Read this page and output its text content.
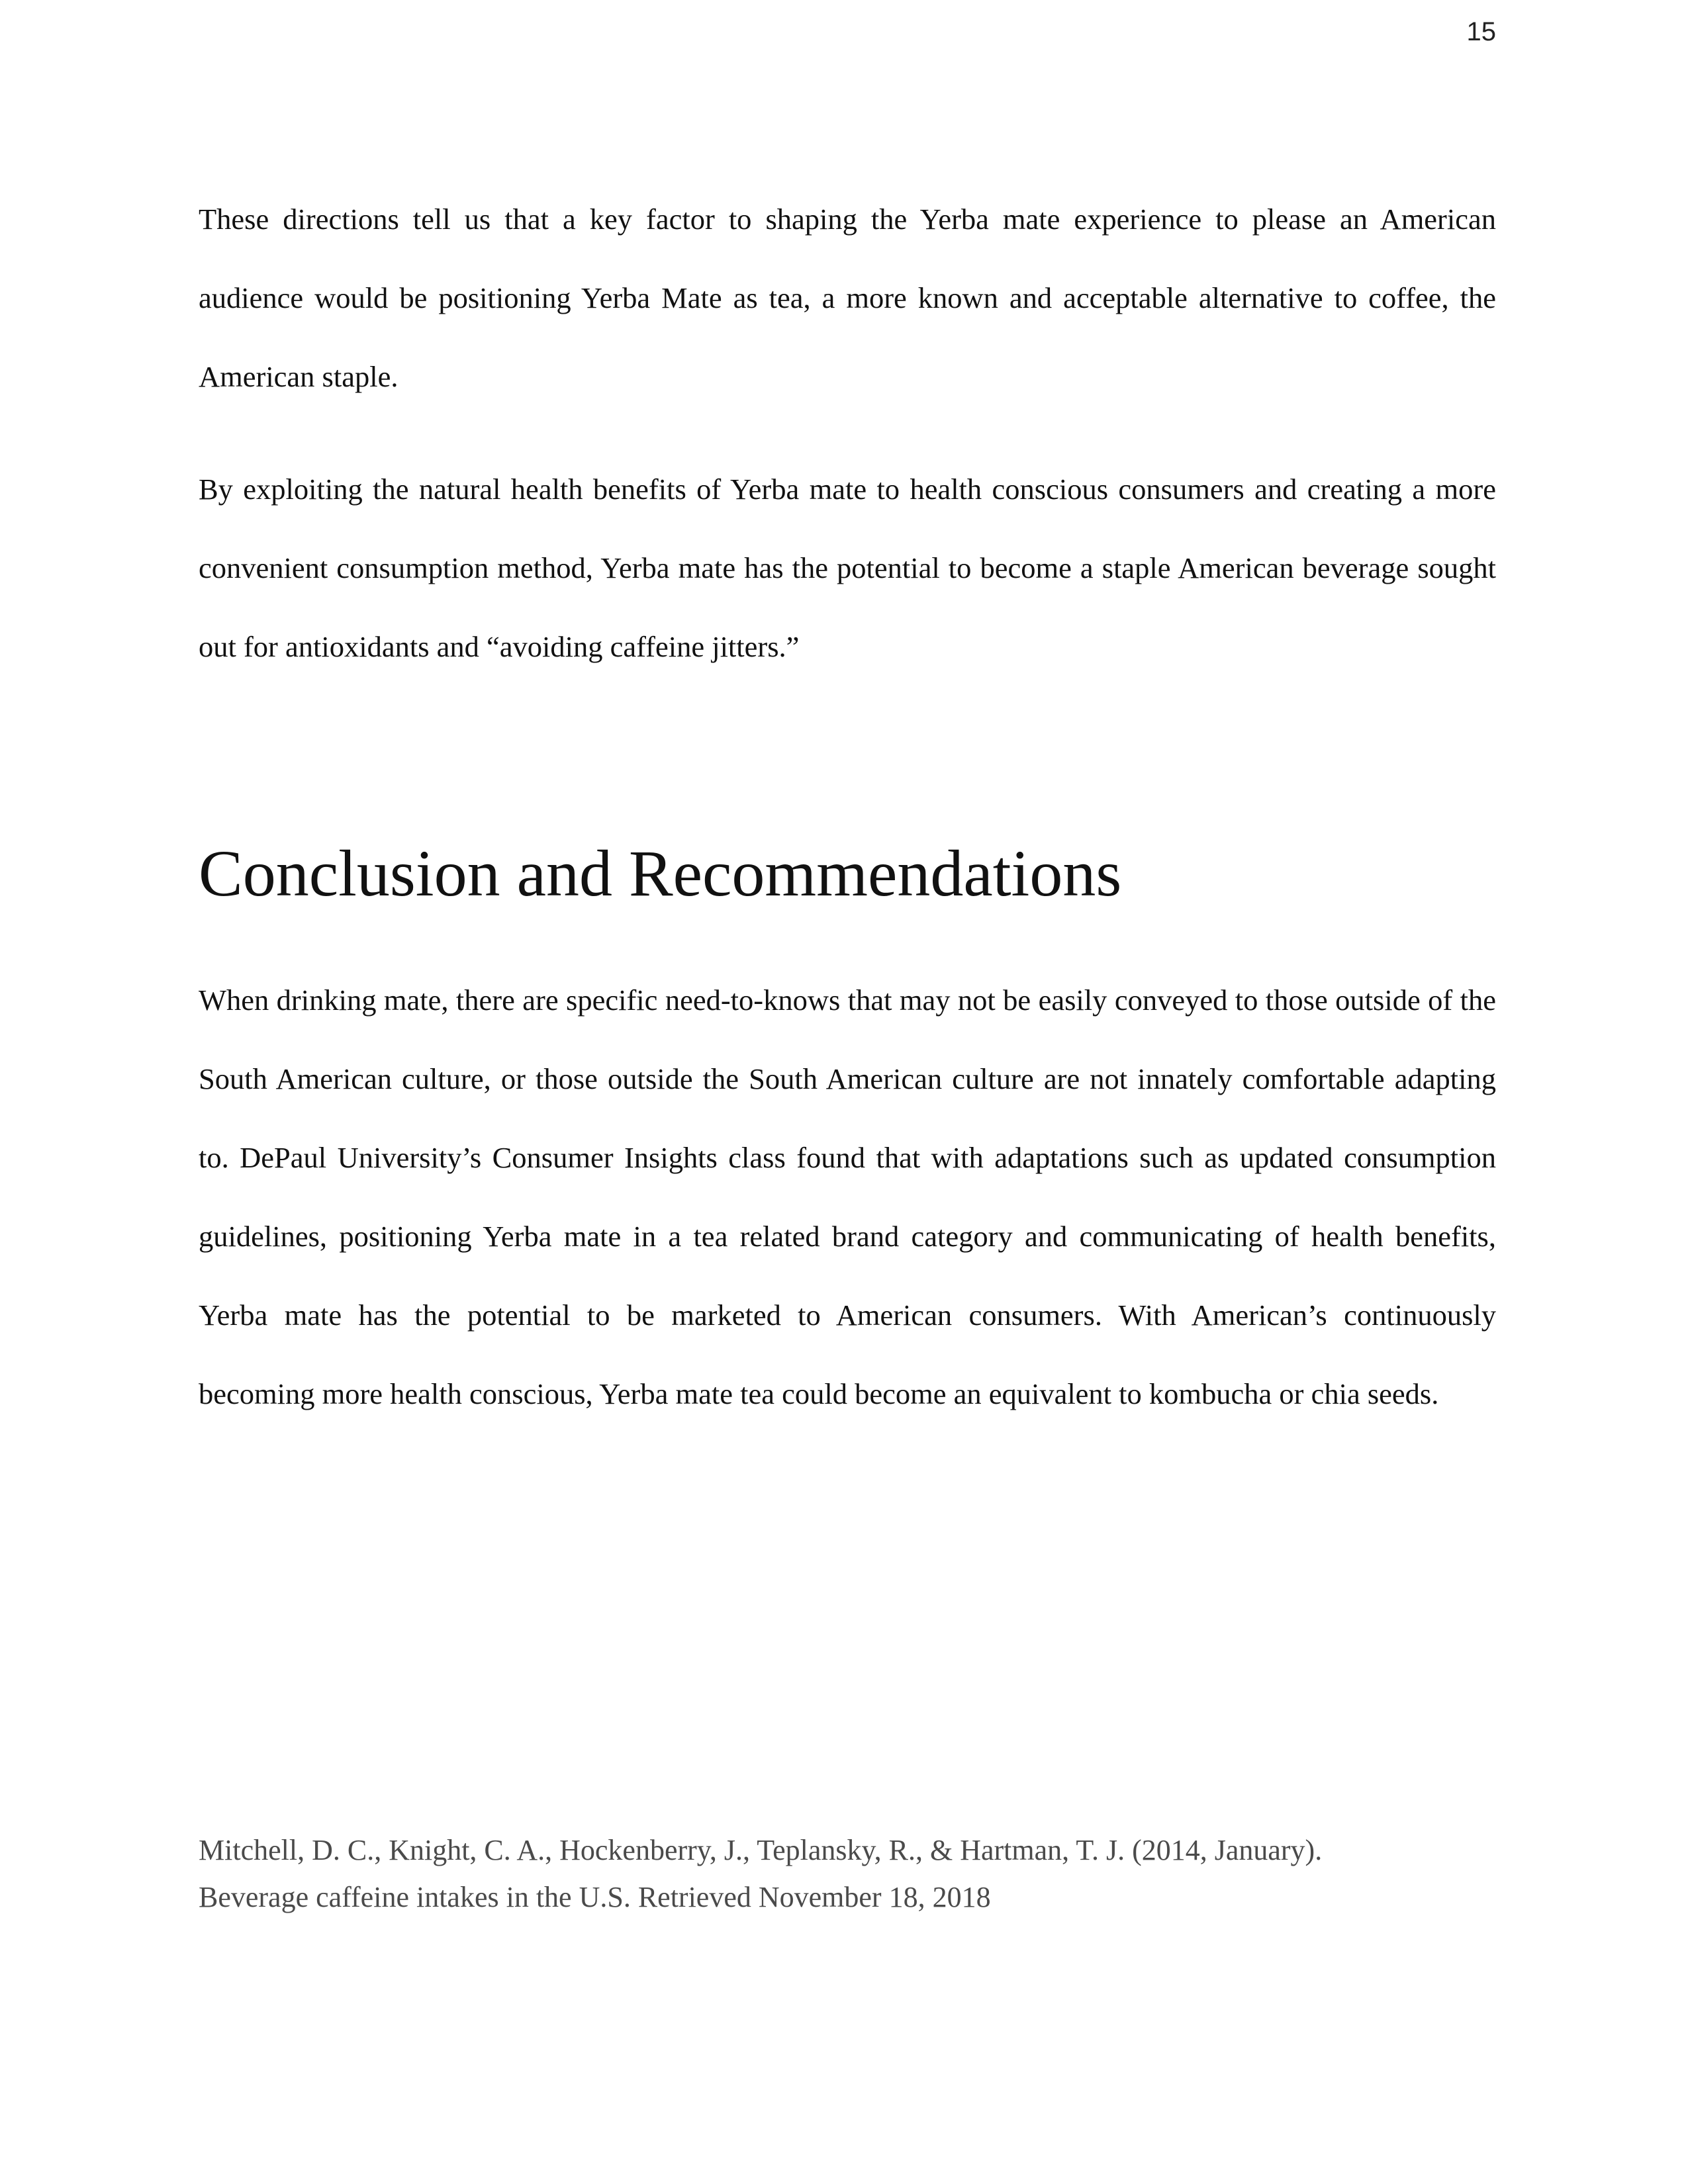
15

These directions tell us that a key factor to shaping the Yerba mate experience to please an American audience would be positioning Yerba Mate as tea, a more known and acceptable alternative to coffee, the American staple.

By exploiting the natural health benefits of Yerba mate to health conscious consumers and creating a more convenient consumption method, Yerba mate has the potential to become a staple American beverage sought out for antioxidants and “avoiding caffeine jitters.”

Conclusion and Recommendations

When drinking mate, there are specific need-to-knows that may not be easily conveyed to those outside of the South American culture, or those outside the South American culture are not innately comfortable adapting to. DePaul University’s Consumer Insights class found that with adaptations such as updated consumption guidelines, positioning Yerba mate in a tea related brand category and communicating of health benefits, Yerba mate has the potential to be marketed to American consumers. With American’s continuously becoming more health conscious, Yerba mate tea could become an equivalent to kombucha or chia seeds.

Mitchell, D. C., Knight, C. A., Hockenberry, J., Teplansky, R., & Hartman, T. J. (2014, January).
Beverage caffeine intakes in the U.S. Retrieved November 18, 2018
